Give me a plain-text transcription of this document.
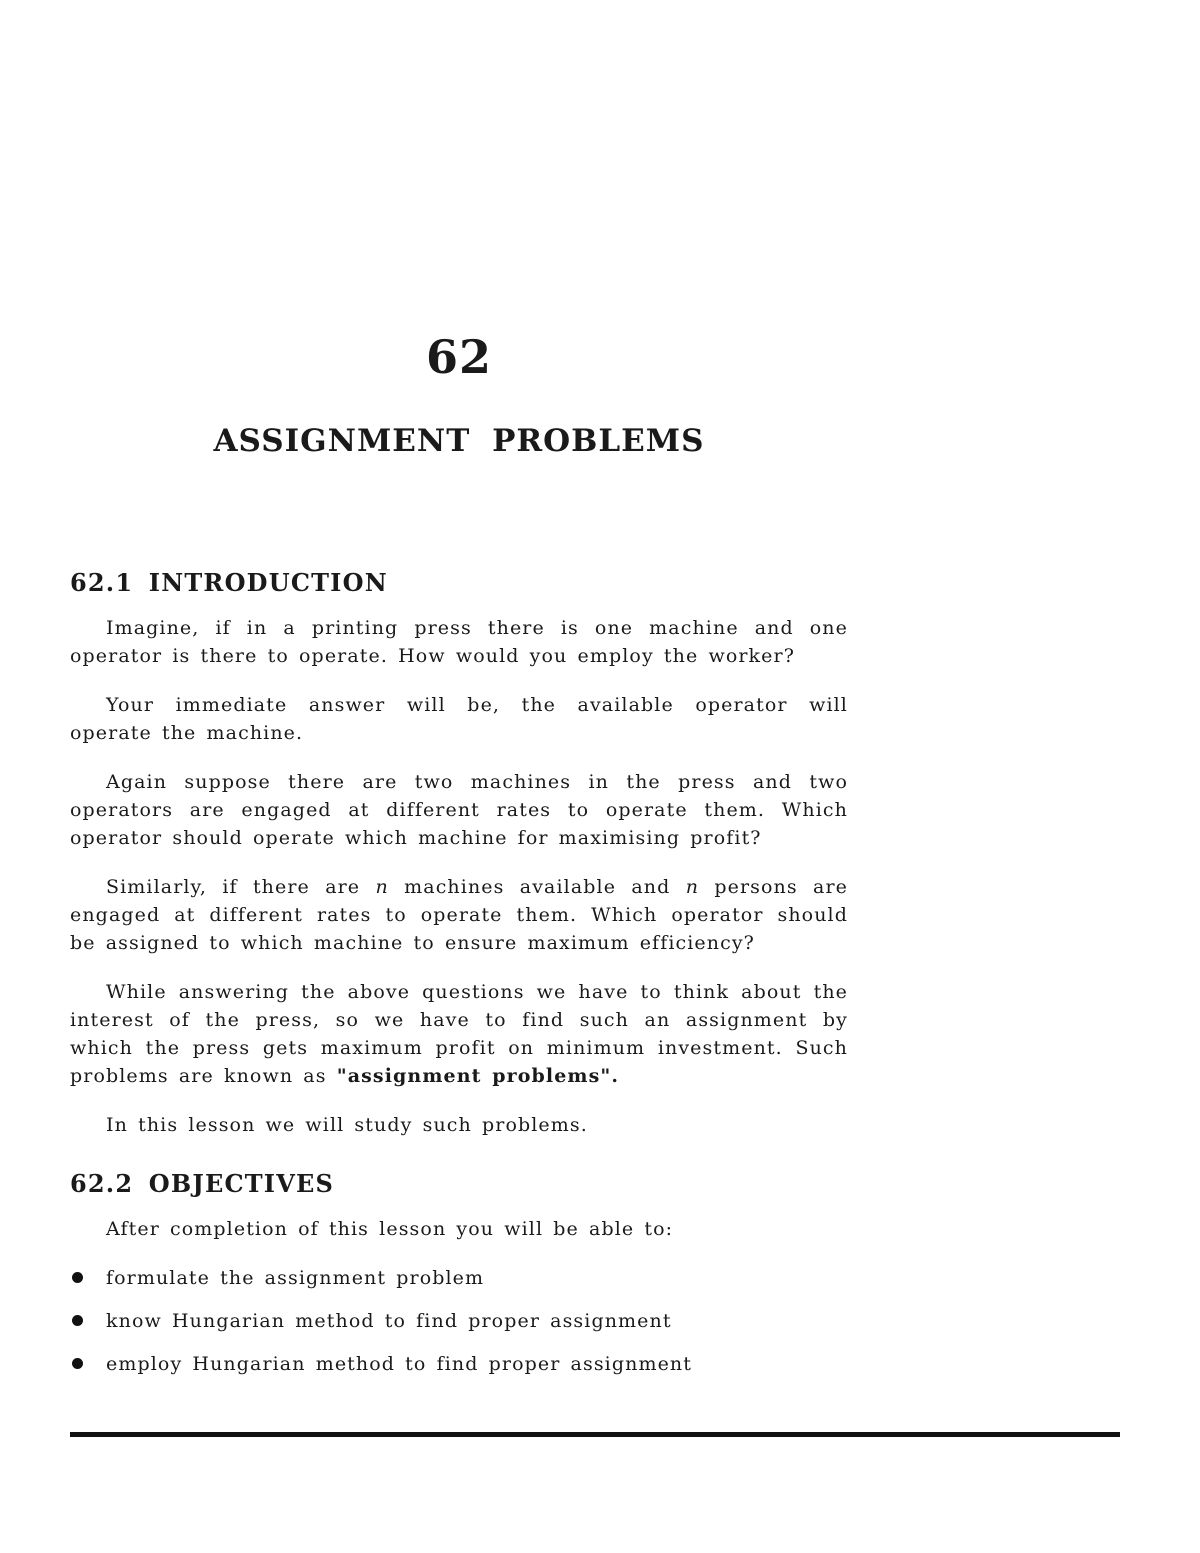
62
ASSIGNMENT PROBLEMS
62.1 INTRODUCTION

Imagine, if in a printing press there is one machine and one operator is there to operate. How would you employ the worker?

Your immediate answer will be, the available operator will operate the machine.

Again suppose there are two machines in the press and two operators are engaged at different rates to operate them. Which operator should operate which machine for maximising profit?

Similarly, if there are n machines available and n persons are engaged at different rates to operate them. Which operator should be assigned to which machine to ensure maximum efficiency?

While answering the above questions we have to think about the interest of the press, so we have to find such an assignment by which the press gets maximum profit on minimum investment. Such problems are known as "assignment problems".

In this lesson we will study such problems.

62.2 OBJECTIVES

After completion of this lesson you will be able to:

formulate the assignment problem
know Hungarian method to find proper assignment
employ Hungarian method to find proper assignment
